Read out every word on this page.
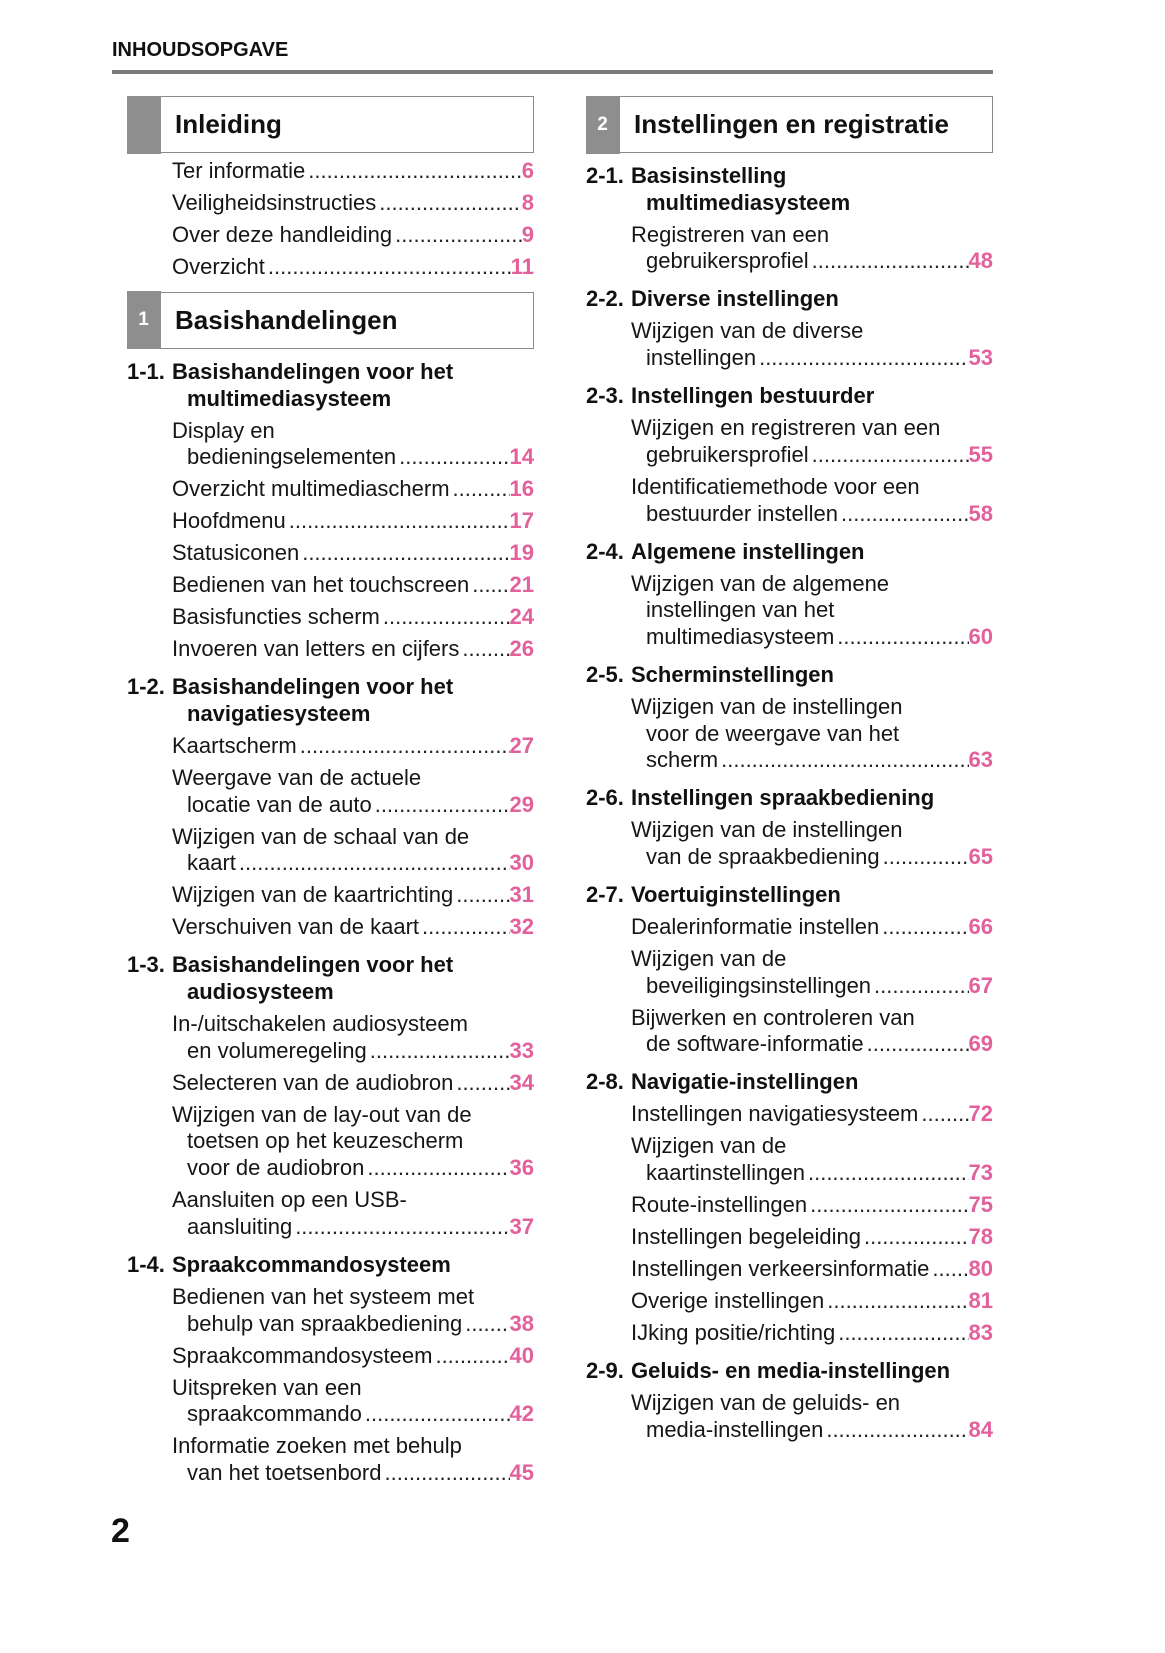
INHOUDSOPGAVE
Inleiding
Ter informatie .....	6
Veiligheidsinstructies .....	8
Over deze handleiding .....	9
Overzicht .....	11
1 Basishandelingen
1-1. Basishandelingen voor het
multimediasysteem
Display en
bedieningselementen .....	14
Overzicht multimediascherm .....	16
Hoofdmenu .....	17
Statusiconen .....	19
Bedienen van het touchscreen ..... 21
Basisfuncties scherm .....	24
Invoeren van letters en cijfers ..... 26
1-2. Basishandelingen voor het
navigatiesysteem
Kaartscherm .....	27
Weergave van de actuele
locatie van de auto .....	29
Wijzigen van de schaal van de
kaart .....	30
Wijzigen van de kaartrichting .....	31
Verschuiven van de kaart .....	32
1-3. Basishandelingen voor het
audiosysteem
In-/uitschakelen audiosysteem
en volumeregeling .....	33
Selecteren van de audiobron .....	34
Wijzigen van de lay-out van de
toetsen op het keuzescherm
voor de audiobron .....	36
Aansluiten op een USB-
aansluiting .....	37
1-4. Spraakcommandosysteem
Bedienen van het systeem met
behulp van spraakbediening ..... 38
Spraakcommandosysteem .....	40
Uitspreken van een
spraakcommando .....	42
Informatie zoeken met behulp
van het toetsenbord .....	45
2 Instellingen en registratie
2-1. Basisinstelling
multimediasysteem
Registreren van een
gebruikersprofiel .....	48
2-2. Diverse instellingen
Wijzigen van de diverse
instellingen .....	53
2-3. Instellingen bestuurder
Wijzigen en registreren van een
gebruikersprofiel .....	55
Identificatiemethode voor een
bestuurder instellen .....	58
2-4. Algemene instellingen
Wijzigen van de algemene
instellingen van het
multimediasysteem .....	60
2-5. Scherminstellingen
Wijzigen van de instellingen
voor de weergave van het
scherm .....	63
2-6. Instellingen spraakbediening
Wijzigen van de instellingen
van de spraakbediening .....	65
2-7. Voertuiginstellingen
Dealerinformatie instellen .....	66
Wijzigen van de
beveiligingsinstellingen .....	67
Bijwerken en controleren van
de software-informatie .....	69
2-8. Navigatie-instellingen
Instellingen navigatiesysteem ..... 72
Wijzigen van de
kaartinstellingen .....	73
Route-instellingen .....	75
Instellingen begeleiding .....	78
Instellingen verkeersinformatie ..... 80
Overige instellingen .....	81
IJking positie/richting .....	83
2-9. Geluids- en media-instellingen
Wijzigen van de geluids- en
media-instellingen .....	84
2
